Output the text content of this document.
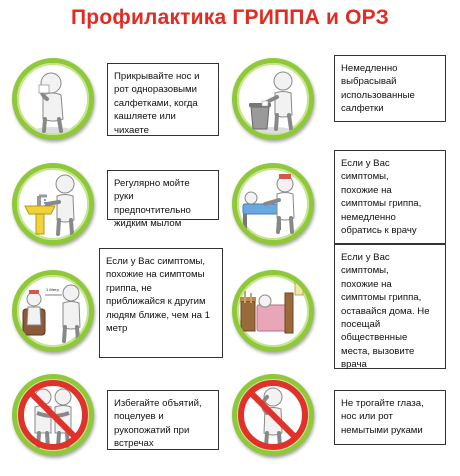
Профилактика ГРИППА и ОРЗ
Прикрывайте нос и
рот одноразовыми
салфетками, когда
кашляете или чихаете
Немедленно
выбрасывай
использованные
салфетки
Регулярно мойте
руки предпочтительно
жидким мылом
Если у Вас
симптомы,
похожие на
симптомы гриппа,
немедленно
обратись к врачу
1 Метр
Если у Вас симптомы,
похожие на симптомы
гриппа, не
приближайся к другим
людям ближе, чем на 1
метр
Если у Вас
симптомы,
похожие на
симптомы гриппа,
оставайся дома. Не
посещай
общественные
места, вызовите
врача
Избегайте объятий,
поцелуев и
рукопожатий при
встречах
Не трогайте глаза,
нос или рот
немытыми руками
